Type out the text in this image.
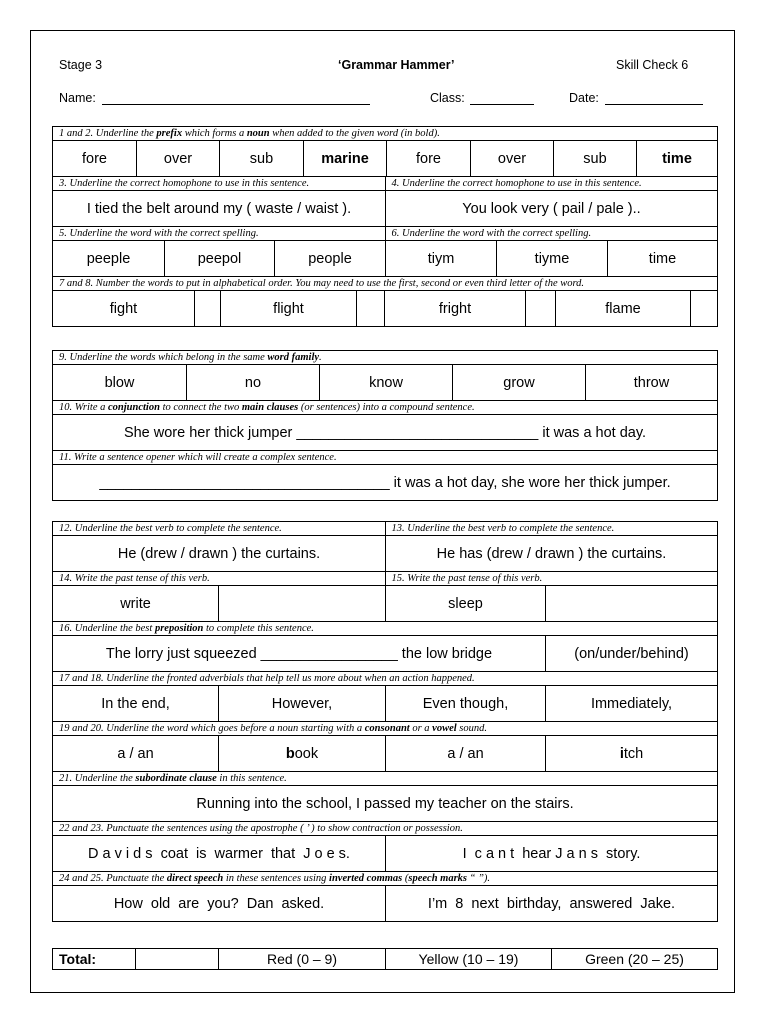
Stage 3	‘Grammar Hammer’	Skill Check 6
Name:	Class:	Date:
1 and 2. Underline the prefix which forms a noun when added to the given word (in bold).
fore	over	sub	marine	fore	over	sub	time
3. Underline the correct homophone to use in this sentence.	4. Underline the correct homophone to use in this sentence.
I tied the belt around my ( waste / waist ).	You look very ( pail / pale )..
5. Underline the word with the correct spelling.	6. Underline the word with the correct spelling.
peeple	peepol	people	tiym	tiyme	time
7 and 8. Number the words to put in alphabetical order. You may need to use the first, second or even third letter of the word.
fight	flight	fright	flame
9. Underline the words which belong in the same word family.
blow	no	know	grow	throw
10. Write a conjunction to connect the two main clauses (or sentences) into a compound sentence.
She wore her thick jumper ______________________________ it was a hot day.
11. Write a sentence opener which will create a complex sentence.
____________________________________ it was a hot day, she wore her thick jumper.
12. Underline the best verb to complete the sentence.	13. Underline the best verb to complete the sentence.
He (drew / drawn ) the curtains.	He has (drew / drawn ) the curtains.
14. Write the past tense of this verb.	15. Write the past tense of this verb.
write	sleep
16. Underline the best preposition to complete this sentence.
The lorry just squeezed _________________ the low bridge	(on/under/behind)
17 and 18. Underline the fronted adverbials that help tell us more about when an action happened.
In the end,	However,	Even though,	Immediately,
19 and 20. Underline the word which goes before a noun starting with a consonant or a vowel sound.
a / an	b ook	a / an	i tch
21. Underline the subordinate clause in this sentence.
Running into the school, I passed my teacher on the stairs.
22 and 23. Punctuate the sentences using the apostrophe ( ’ ) to show contraction or possession.
D a v i d s  coat  is  warmer  that  J o e s.	I  c a n t  hear J a n s  story.
24 and 25. Punctuate the direct speech in these sentences using inverted commas (speech marks “ ”).
How  old  are  you?  Dan  asked.	I’m  8  next  birthday,  answered  Jake.
Total:	Red (0 – 9)	Yellow (10 – 19)	Green (20 – 25)
